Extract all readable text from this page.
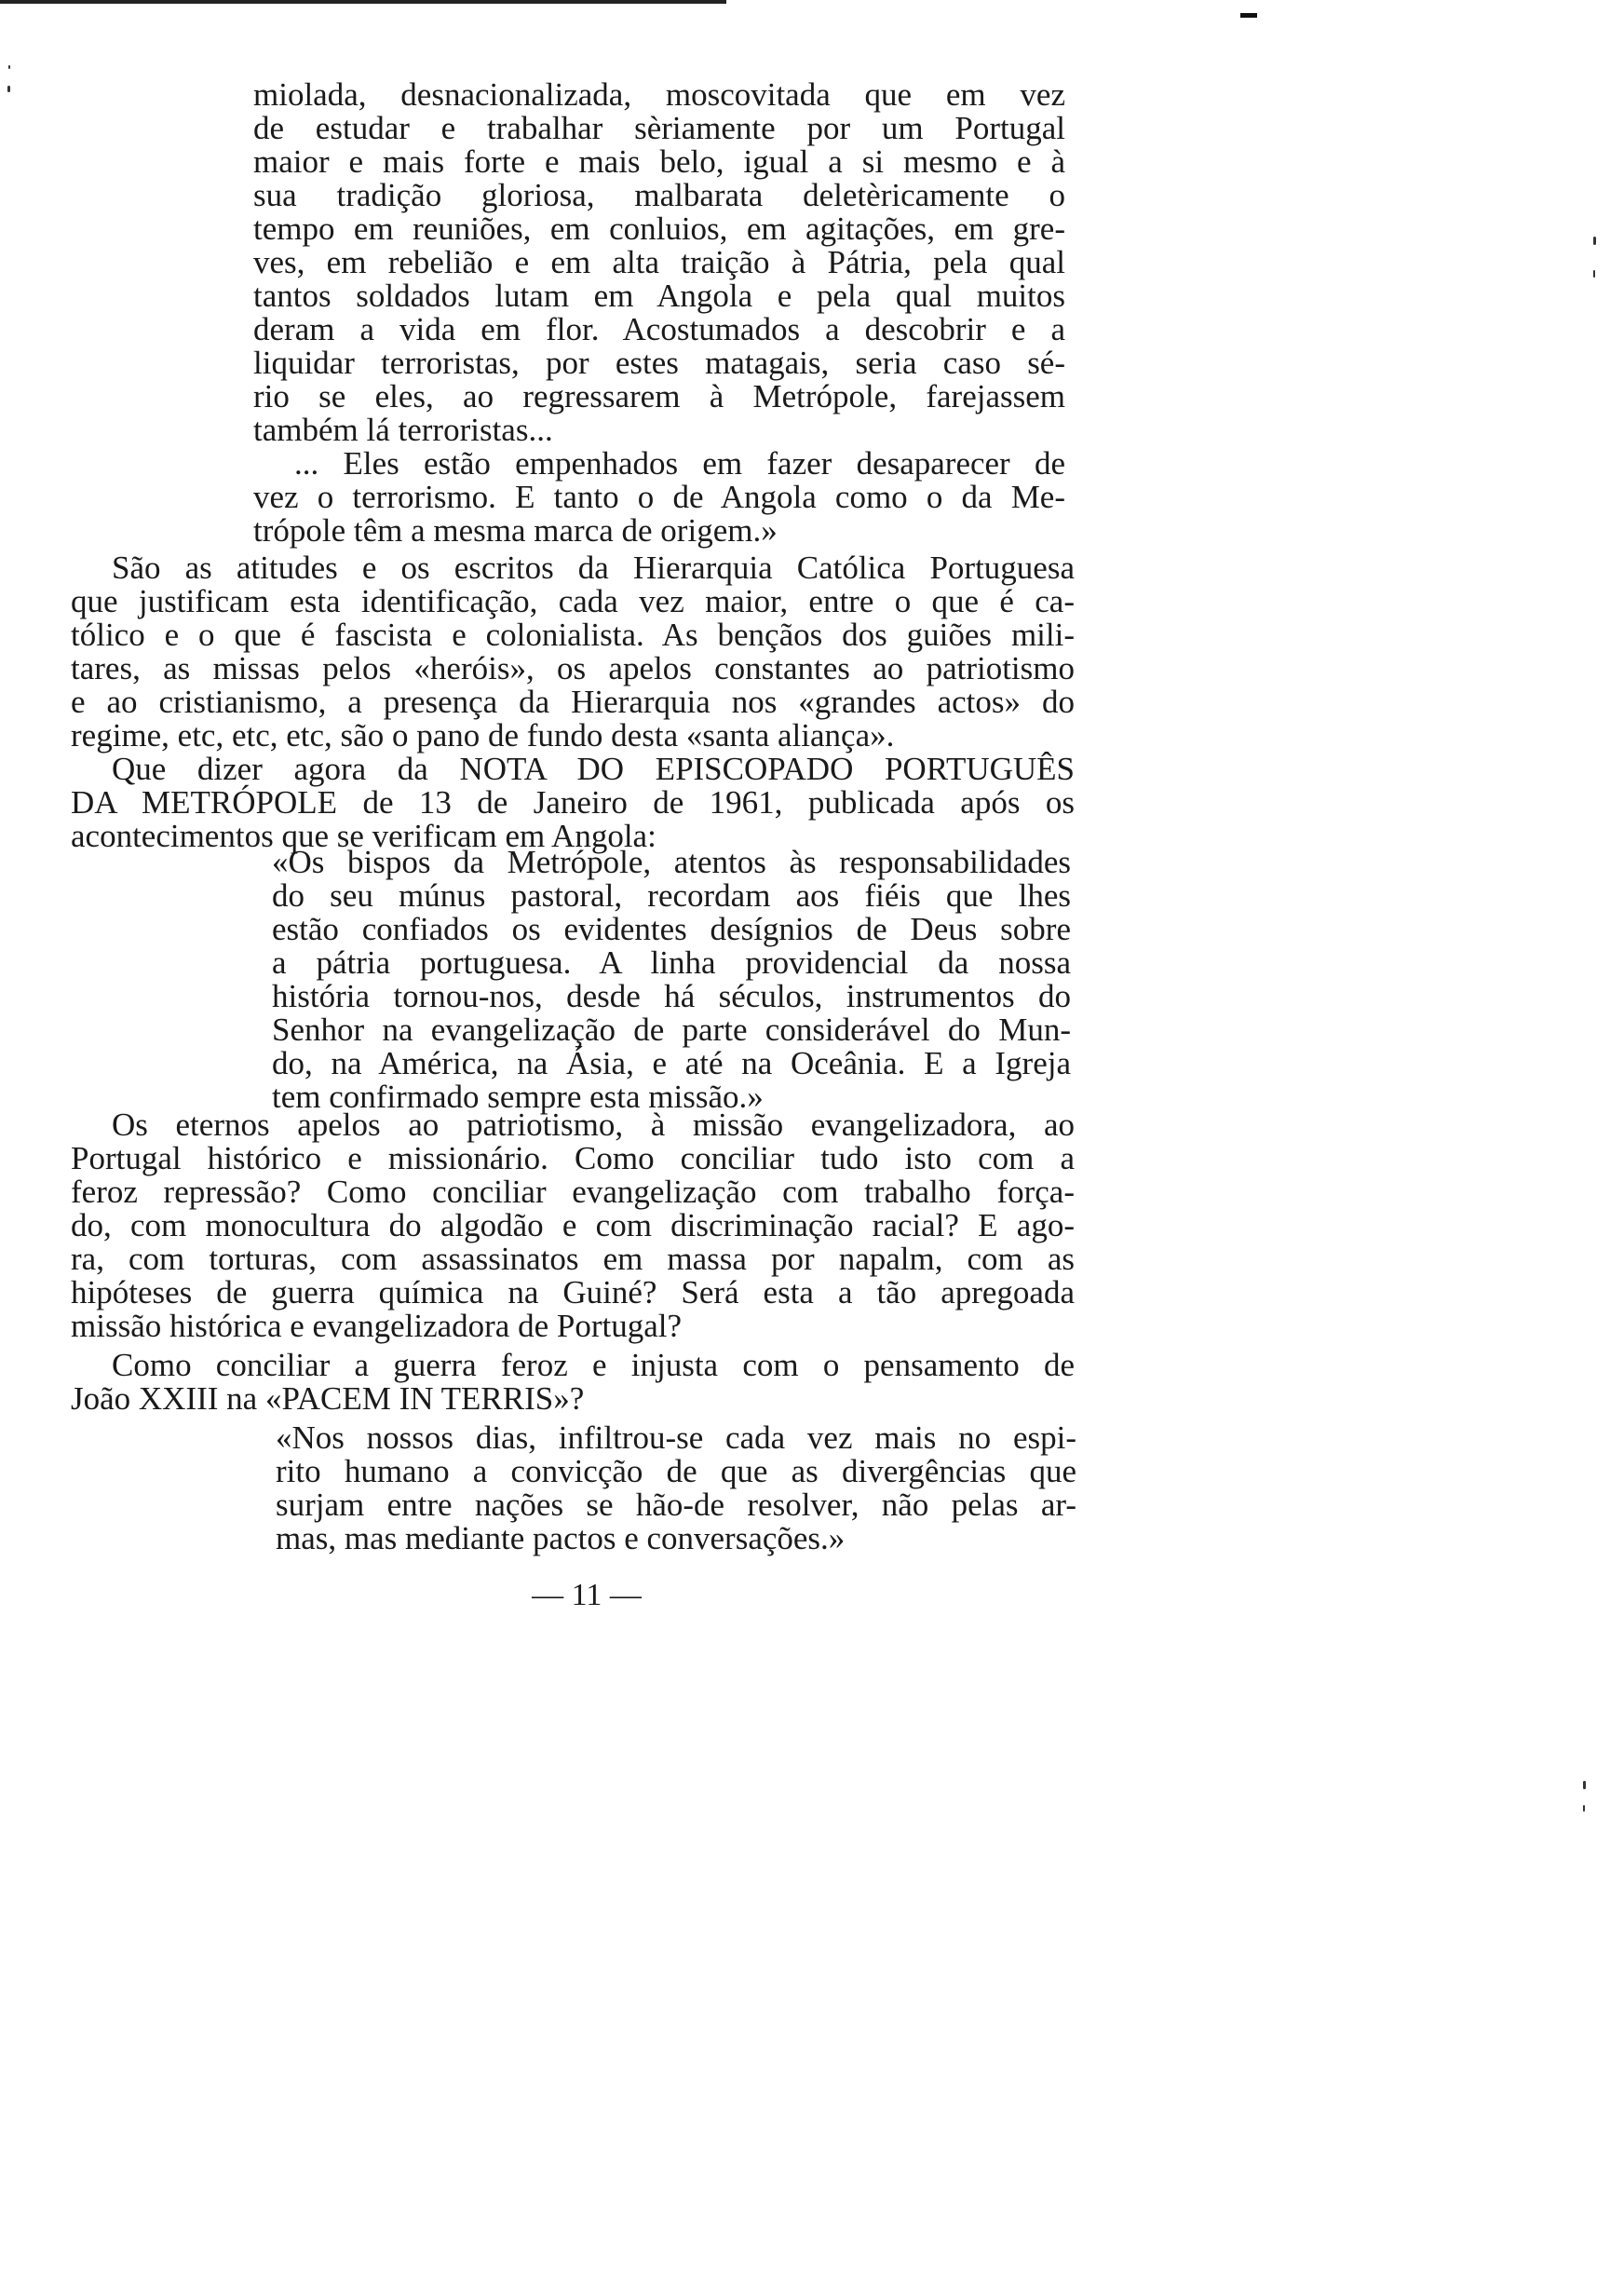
miolada, desnacionalizada, moscovitada que em vez
de estudar e trabalhar sèriamente por um Portugal
maior e mais forte e mais belo, igual a si mesmo e à
sua tradição gloriosa, malbarata deletèricamente o
tempo em reuniões, em conluios, em agitações, em gre-
ves, em rebelião e em alta traição à Pátria, pela qual
tantos soldados lutam em Angola e pela qual muitos
deram a vida em flor. Acostumados a descobrir e a
liquidar terroristas, por estes matagais, seria caso sé-
rio se eles, ao regressarem à Metrópole, farejassem
também lá terroristas...
... Eles estão empenhados em fazer desaparecer de
vez o terrorismo. E tanto o de Angola como o da Me-
trópole têm a mesma marca de origem.»
São as atitudes e os escritos da Hierarquia Católica Portuguesa
que justificam esta identificação, cada vez maior, entre o que é ca-
tólico e o que é fascista e colonialista. As bençãos dos guiões mili-
tares, as missas pelos «heróis», os apelos constantes ao patriotismo
e ao cristianismo, a presença da Hierarquia nos «grandes actos» do
regime, etc, etc, etc, são o pano de fundo desta «santa aliança».
Que dizer agora da NOTA DO EPISCOPADO PORTUGUÊS
DA METRÓPOLE de 13 de Janeiro de 1961, publicada após os
acontecimentos que se verificam em Angola:
«Os bispos da Metrópole, atentos às responsabilidades
do seu múnus pastoral, recordam aos fiéis que lhes
estão confiados os evidentes desígnios de Deus sobre
a pátria portuguesa. A linha providencial da nossa
história tornou-nos, desde há séculos, instrumentos do
Senhor na evangelização de parte considerável do Mun-
do, na América, na Ásia, e até na Oceânia. E a Igreja
tem confirmado sempre esta missão.»
Os eternos apelos ao patriotismo, à missão evangelizadora, ao
Portugal histórico e missionário. Como conciliar tudo isto com a
feroz repressão? Como conciliar evangelização com trabalho força-
do, com monocultura do algodão e com discriminação racial? E ago-
ra, com torturas, com assassinatos em massa por napalm, com as
hipóteses de guerra química na Guiné? Será esta a tão apregoada
missão histórica e evangelizadora de Portugal?
Como conciliar a guerra feroz e injusta com o pensamento de
João XXIII na «PACEM IN TERRIS»?
«Nos nossos dias, infiltrou-se cada vez mais no espi-
rito humano a convicção de que as divergências que
surjam entre nações se hão-de resolver, não pelas ar-
mas, mas mediante pactos e conversações.»
— 11 —
